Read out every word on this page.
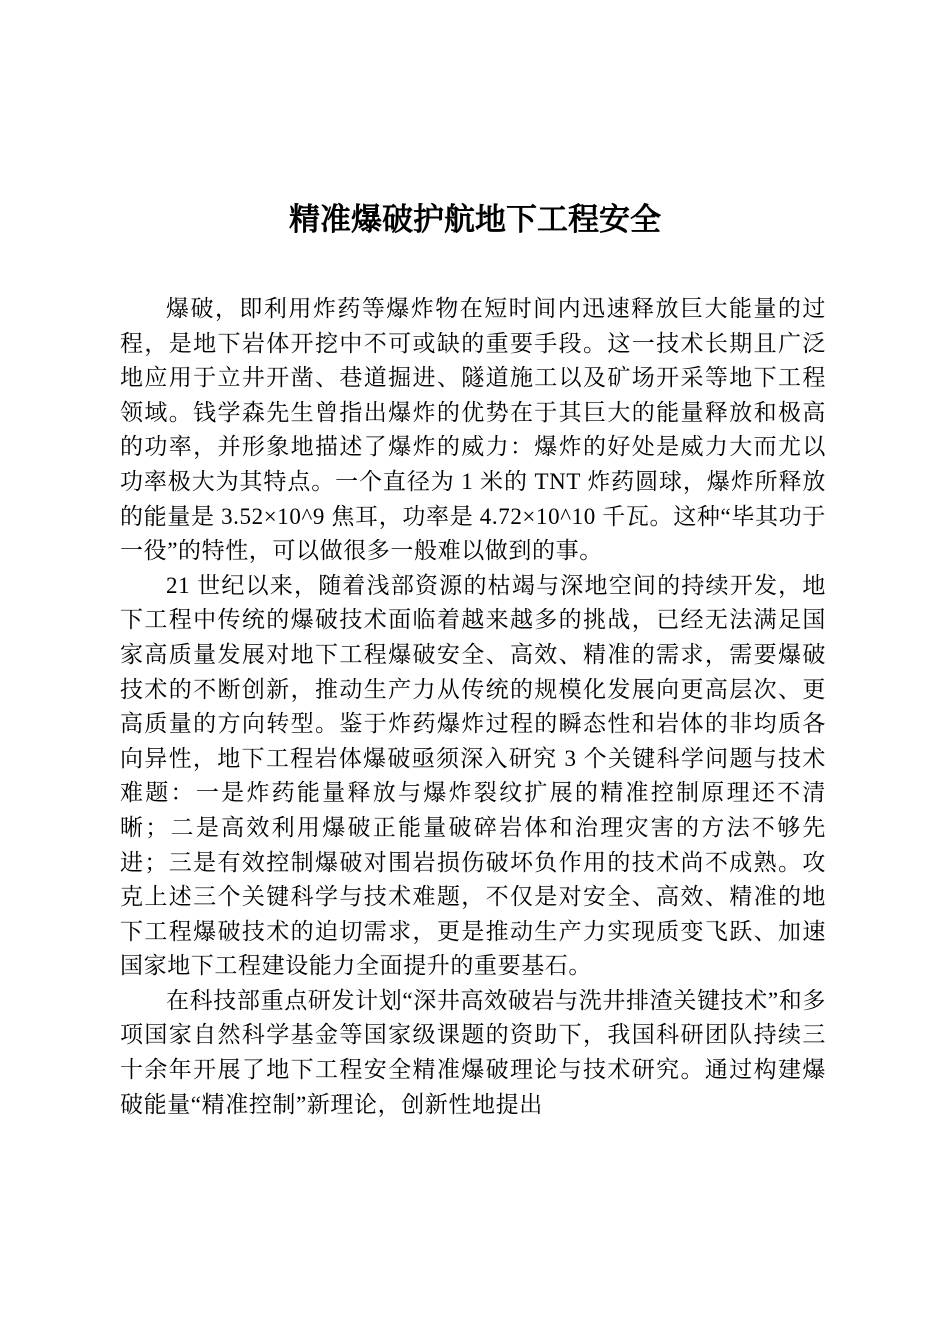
精准爆破护航地下工程安全

爆破，即利用炸药等爆炸物在短时间内迅速释放巨大能量的过程，是地下岩体开挖中不可或缺的重要手段。这一技术长期且广泛地应用于立井开凿、巷道掘进、隧道施工以及矿场开采等地下工程领域。钱学森先生曾指出爆炸的优势在于其巨大的能量释放和极高的功率，并形象地描述了爆炸的威力：爆炸的好处是威力大而尤以功率极大为其特点。一个直径为 1 米的 TNT 炸药圆球，爆炸所释放的能量是 3.52×10^9 焦耳，功率是 4.72×10^10 千瓦。这种“毕其功于一役”的特性，可以做很多一般难以做到的事。

21 世纪以来，随着浅部资源的枯竭与深地空间的持续开发，地下工程中传统的爆破技术面临着越来越多的挑战，已经无法满足国家高质量发展对地下工程爆破安全、高效、精准的需求，需要爆破技术的不断创新，推动生产力从传统的规模化发展向更高层次、更高质量的方向转型。鉴于炸药爆炸过程的瞬态性和岩体的非均质各向异性，地下工程岩体爆破亟须深入研究 3 个关键科学问题与技术难题：一是炸药能量释放与爆炸裂纹扩展的精准控制原理还不清晰；二是高效利用爆破正能量破碎岩体和治理灾害的方法不够先进；三是有效控制爆破对围岩损伤破坏负作用的技术尚不成熟。攻克上述三个关键科学与技术难题，不仅是对安全、高效、精准的地下工程爆破技术的迫切需求，更是推动生产力实现质变飞跃、加速国家地下工程建设能力全面提升的重要基石。

在科技部重点研发计划“深井高效破岩与洗井排渣关键技术”和多项国家自然科学基金等国家级课题的资助下，我国科研团队持续三十余年开展了地下工程安全精准爆破理论与技术研究。通过构建爆破能量“精准控制”新理论，创新性地提出
